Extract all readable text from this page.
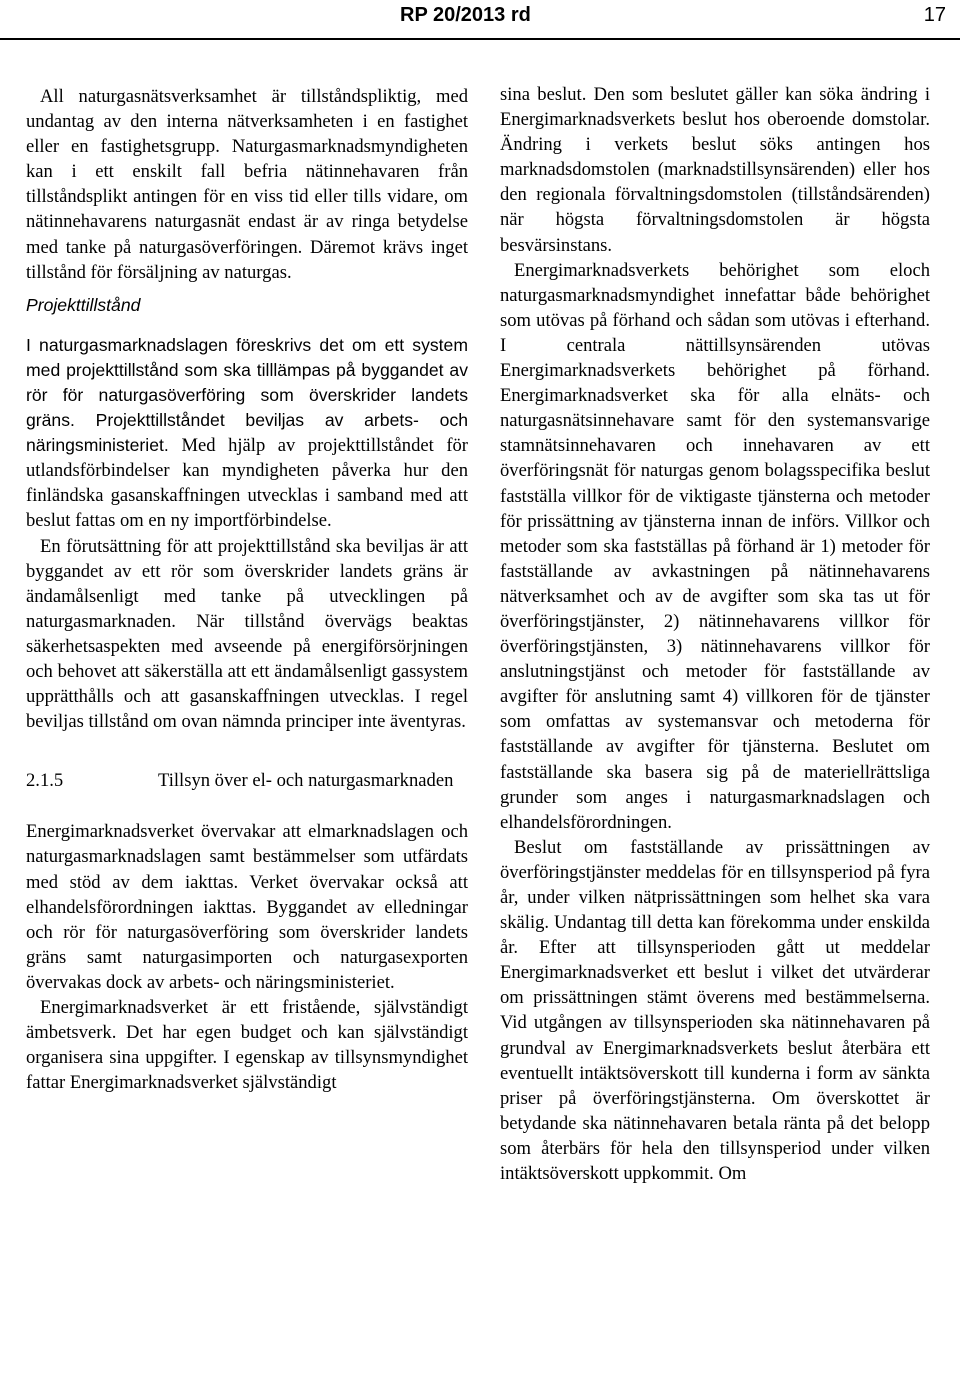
RP 20/2013 rd	17

All naturgasnätsverksamhet är tillståndspliktig, med undantag av den interna nätverksamheten i en fastighet eller en fastighetsgrupp. Naturgasmarknadsmyndigheten kan i ett enskilt fall befria nätinnehavaren från tillståndsplikt antingen för en viss tid eller tills vidare, om nätinnehavarens naturgasnät endast är av ringa betydelse med tanke på naturgasöverföringen. Däremot krävs inget tillstånd för försäljning av naturgas.

Projekttillstånd

I naturgasmarknadslagen föreskrivs det om ett system med projekttillstånd som ska tilllämpas på byggandet av rör för naturgasöverföring som överskrider landets gräns. Projekttillståndet beviljas av arbets- och näringsministeriet. Med hjälp av projekttillståndet för utlandsförbindelser kan myndigheten påverka hur den finländska gasanskaffningen utvecklas i samband med att beslut fattas om en ny importförbindelse.

En förutsättning för att projekttillstånd ska beviljas är att byggandet av ett rör som överskrider landets gräns är ändamålsenligt med tanke på utvecklingen på naturgasmarknaden. När tillstånd övervägs beaktas säkerhetsaspekten med avseende på energiförsörjningen och behovet att säkerställa att ett ändamålsenligt gassystem upprätthålls och att gasanskaffningen utvecklas. I regel beviljas tillstånd om ovan nämnda principer inte äventyras.

2.1.5	Tillsyn över el- och naturgasmarknaden

Energimarknadsverket övervakar att elmarknadslagen och naturgasmarknadslagen samt bestämmelser som utfärdats med stöd av dem iakttas. Verket övervakar också att elhandelsförordningen iakttas. Byggandet av elledningar och rör för naturgasöverföring som överskrider landets gräns samt naturgasimporten och naturgasexporten övervakas dock av arbets- och näringsministeriet.

Energimarknadsverket är ett fristående, självständigt ämbetsverk. Det har egen budget och kan självständigt organisera sina uppgifter. I egenskap av tillsynsmyndighet fattar Energimarknadsverket självständigt

sina beslut. Den som beslutet gäller kan söka ändring i Energimarknadsverkets beslut hos oberoende domstolar. Ändring i verkets beslut söks antingen hos marknadsdomstolen (marknadstillsynsärenden) eller hos den regionala förvaltningsdomstolen (tillståndsärenden) när högsta förvaltningsdomstolen är högsta besvärsinstans.

Energimarknadsverkets behörighet som eloch naturgasmarknadsmyndighet innefattar både behörighet som utövas på förhand och sådan som utövas i efterhand. I centrala nättillsynsärenden utövas Energimarknadsverkets behörighet på förhand. Energimarknadsverket ska för alla elnäts- och naturgasnätsinnehavare samt för den systemansvarige stamnätsinnehavaren och innehavaren av ett överföringsnät för naturgas genom bolagsspecifika beslut fastställa villkor för de viktigaste tjänsterna och metoder för prissättning av tjänsterna innan de införs. Villkor och metoder som ska fastställas på förhand är 1) metoder för fastställande av avkastningen på nätinnehavarens nätverksamhet och av de avgifter som ska tas ut för överföringstjänster, 2) nätinnehavarens villkor för överföringstjänsten, 3) nätinnehavarens villkor för anslutningstjänst och metoder för fastställande av avgifter för anslutning samt 4) villkoren för de tjänster som omfattas av systemansvar och metoderna för fastställande av avgifter för tjänsterna. Beslutet om fastställande ska basera sig på de materiellrättsliga grunder som anges i naturgasmarknadslagen och elhandelsförordningen.

Beslut om fastställande av prissättningen av överföringstjänster meddelas för en tillsynsperiod på fyra år, under vilken nätprissättningen som helhet ska vara skälig. Undantag till detta kan förekomma under enskilda år. Efter att tillsynsperioden gått ut meddelar Energimarknadsverket ett beslut i vilket det utvärderar om prissättningen stämt överens med bestämmelserna. Vid utgången av tillsynsperioden ska nätinnehavaren på grundval av Energimarknadsverkets beslut återbära ett eventuellt intäktsöverskott till kunderna i form av sänkta priser på överföringstjänsterna. Om överskottet är betydande ska nätinnehavaren betala ränta på det belopp som återbärs för hela den tillsynsperiod under vilken intäktsöverskott uppkommit. Om
